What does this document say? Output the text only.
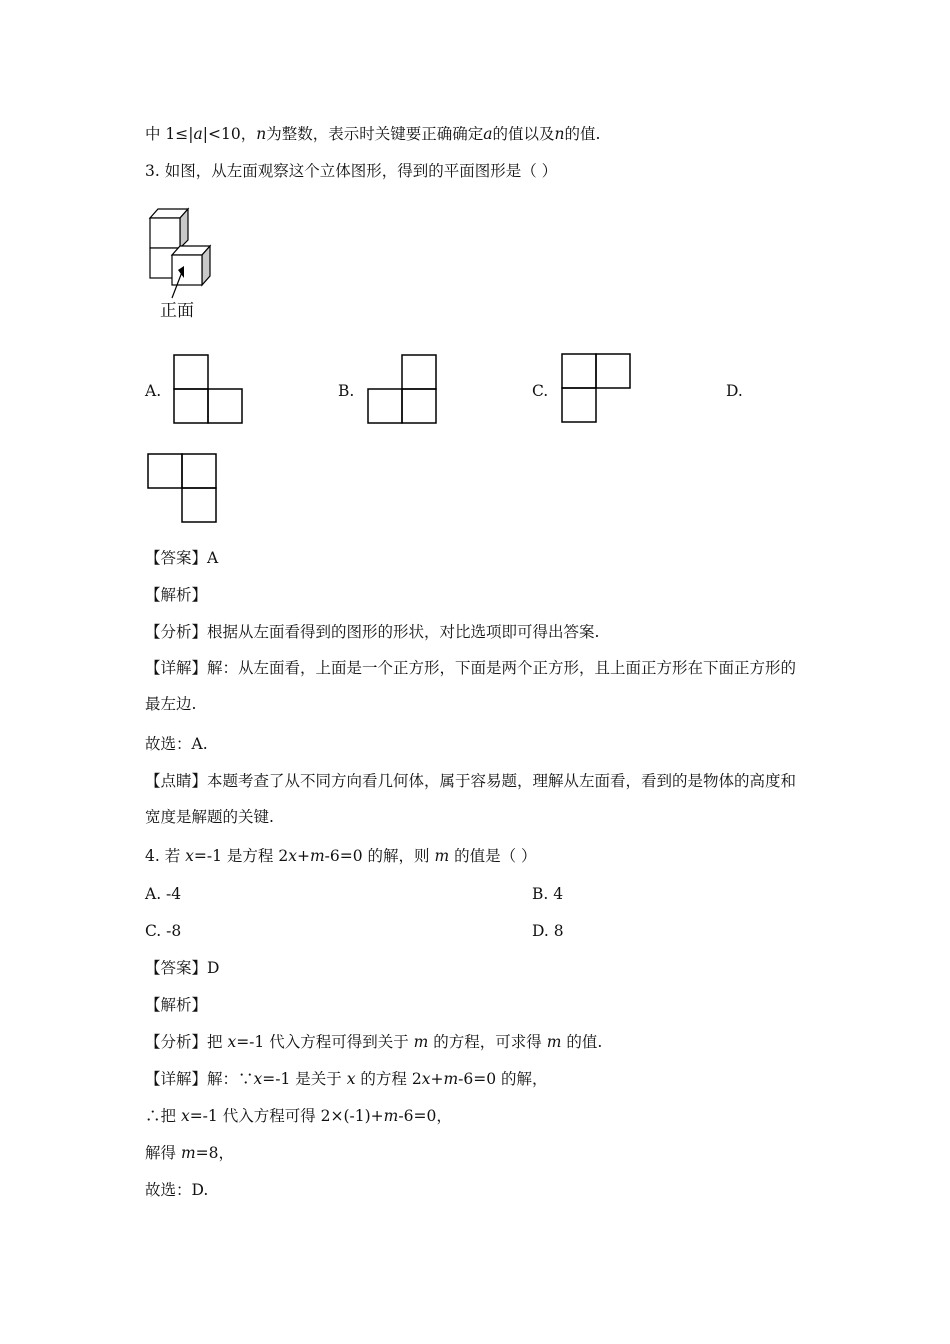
中 1≤|a|<10，n为整数，表示时关键要正确确定a的值以及n的值.
3. 如图，从左面观察这个立体图形，得到的平面图形是（ ）
正面
A.	B.	C.	D.
【答案】A
【解析】
【分析】根据从左面看得到的图形的形状，对比选项即可得出答案.
【详解】解：从左面看，上面是一个正方形，下面是两个正方形，且上面正方形在下面正方形的最左边.
故选：A.
【点睛】本题考查了从不同方向看几何体，属于容易题，理解从左面看，看到的是物体的高度和宽度是解题的关键.
4. 若 x=-1 是方程 2x+m-6=0 的解，则 m 的值是（ ）
A. -4	B. 4
C. -8	D. 8
【答案】D
【解析】
【分析】把 x=-1 代入方程可得到关于 m 的方程，可求得 m 的值.
【详解】解：∵x=-1 是关于 x 的方程 2x+m-6=0 的解，
∴把 x=-1 代入方程可得 2×(-1)+m-6=0，
解得 m=8，
故选：D.
